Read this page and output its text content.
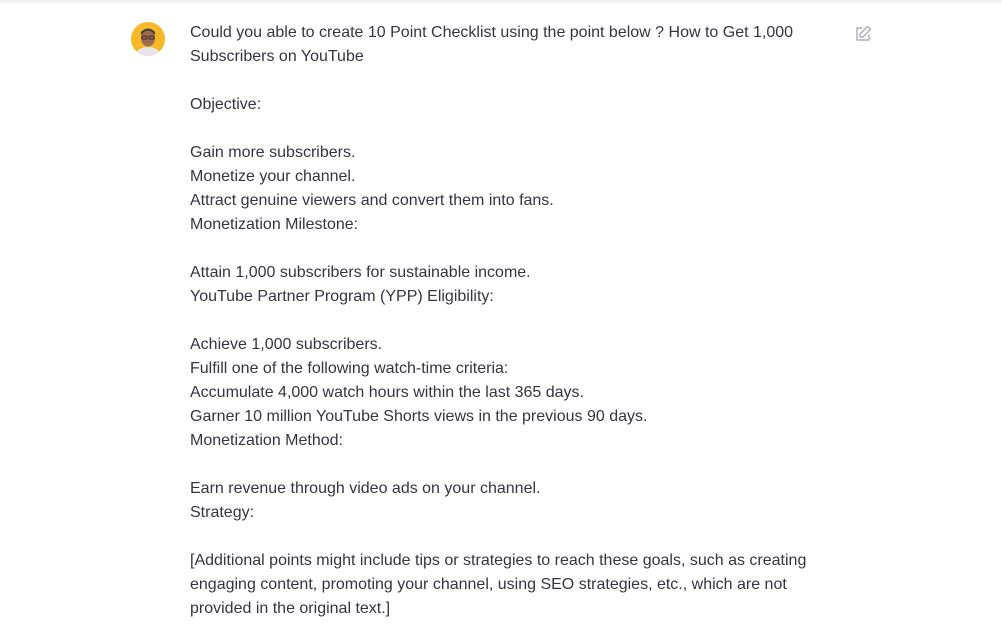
Could you able to create 10 Point Checklist using the point below ? How to Get 1,000 Subscribers on YouTube
Objective:
Gain more subscribers.
Monetize your channel.
Attract genuine viewers and convert them into fans.
Monetization Milestone:
Attain 1,000 subscribers for sustainable income.
YouTube Partner Program (YPP) Eligibility:
Achieve 1,000 subscribers.
Fulfill one of the following watch-time criteria:
Accumulate 4,000 watch hours within the last 365 days.
Garner 10 million YouTube Shorts views in the previous 90 days.
Monetization Method:
Earn revenue through video ads on your channel.
Strategy:
[Additional points might include tips or strategies to reach these goals, such as creating engaging content, promoting your channel, using SEO strategies, etc., which are not provided in the original text.]
